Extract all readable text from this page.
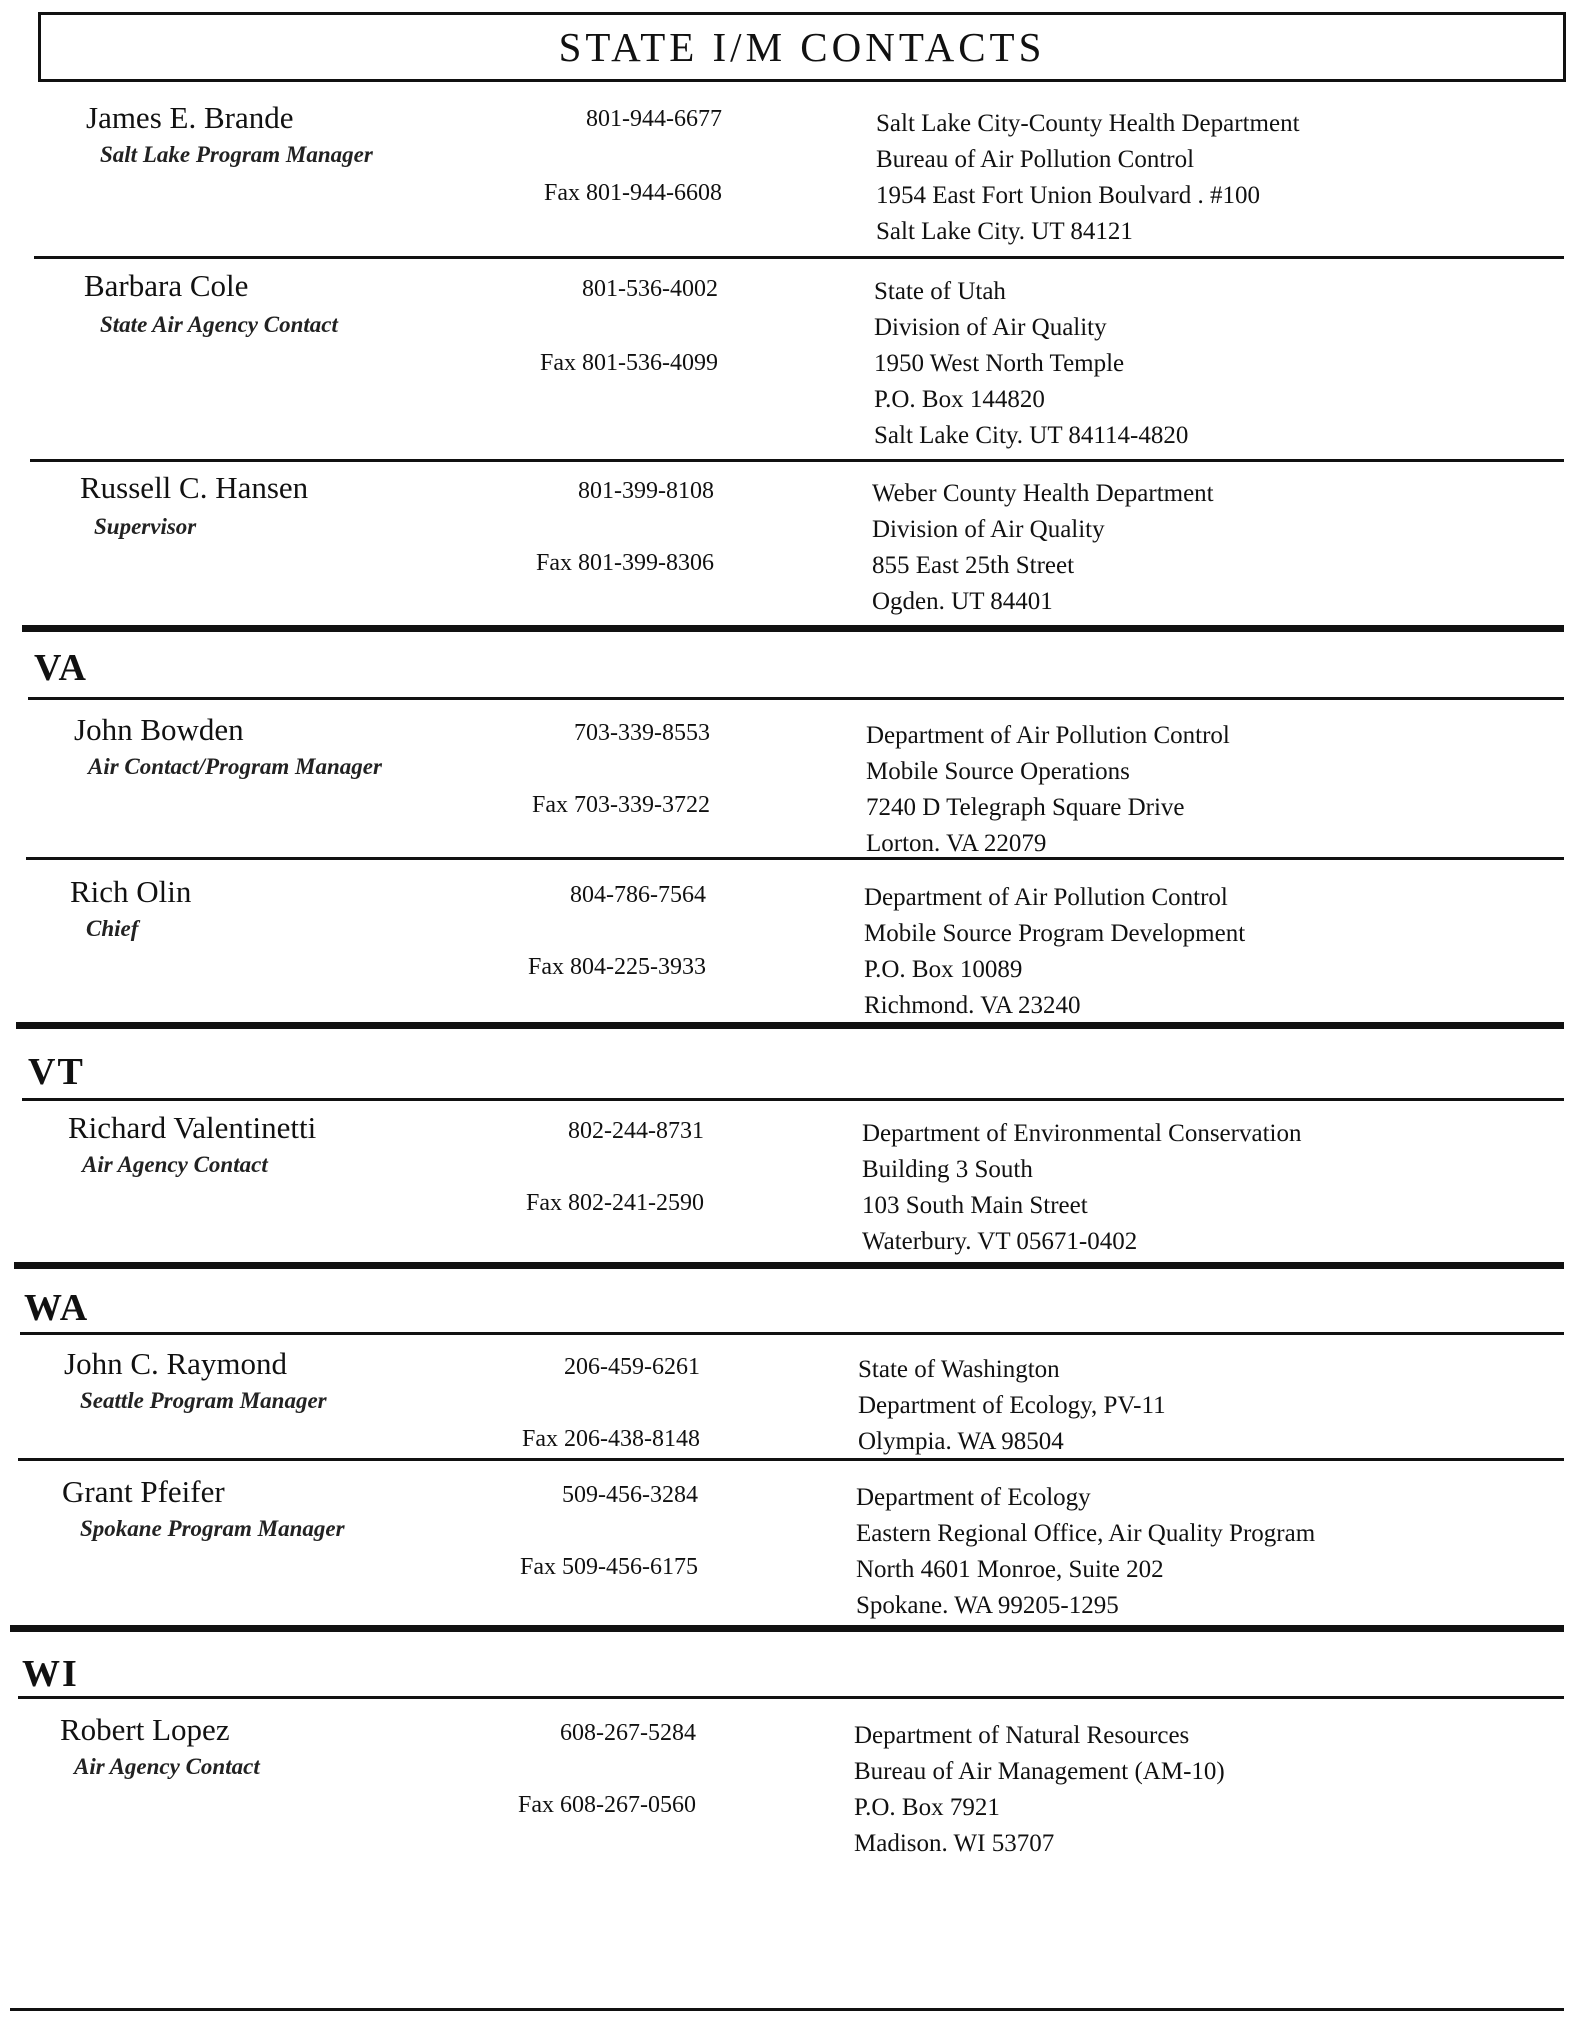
STATE I/M CONTACTS
James E. Brande
Salt Lake Program Manager
801-944-6677
Fax 801-944-6608
Salt Lake City-County Health Department
Bureau of Air Pollution Control
1954 East Fort Union Boulvard . #100
Salt Lake City. UT 84121
Barbara Cole
State Air Agency Contact
801-536-4002
Fax 801-536-4099
State of Utah
Division of Air Quality
1950 West North Temple
P.O. Box 144820
Salt Lake City. UT 84114-4820
Russell C. Hansen
Supervisor
801-399-8108
Fax 801-399-8306
Weber County Health Department
Division of Air Quality
855 East 25th Street
Ogden. UT 84401
VA
John Bowden
Air Contact/Program Manager
703-339-8553
Fax 703-339-3722
Department of Air Pollution Control
Mobile Source Operations
7240 D Telegraph Square Drive
Lorton. VA 22079
Rich Olin
Chief
804-786-7564
Fax 804-225-3933
Department of Air Pollution Control
Mobile Source Program Development
P.O. Box 10089
Richmond. VA 23240
VT
Richard Valentinetti
Air Agency Contact
802-244-8731
Fax 802-241-2590
Department of Environmental Conservation
Building 3 South
103 South Main Street
Waterbury. VT 05671-0402
WA
John C. Raymond
Seattle Program Manager
206-459-6261
Fax 206-438-8148
State of Washington
Department of Ecology, PV-11
Olympia. WA 98504
Grant Pfeifer
Spokane Program Manager
509-456-3284
Fax 509-456-6175
Department of Ecology
Eastern Regional Office, Air Quality Program
North 4601 Monroe, Suite 202
Spokane. WA 99205-1295
WI
Robert Lopez
Air Agency Contact
608-267-5284
Fax 608-267-0560
Department of Natural Resources
Bureau of Air Management (AM-10)
P.O. Box 7921
Madison. WI 53707
